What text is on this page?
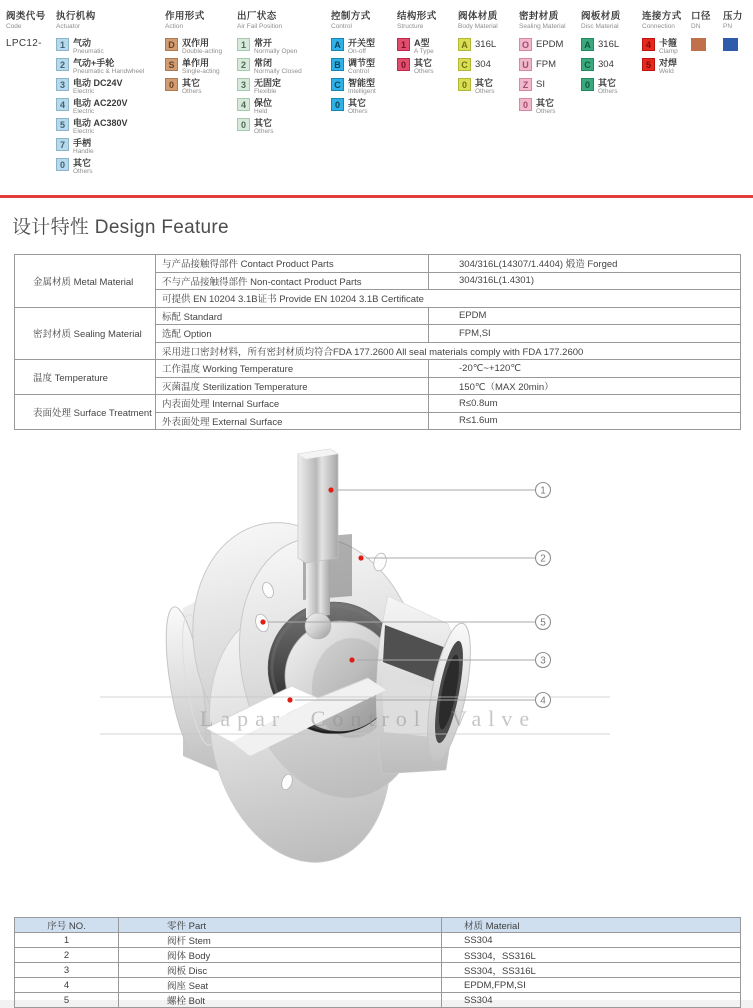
阀类代号
Code
LPC12-
执行机构
Actuator
1 气动
Pneumatic
2 气动+手轮
Pneumatic & Handwheel
3 电动 DC24V
Electric
4 电动 AC220V
Electric
5 电动 AC380V
Electric
7 手柄
Handle
0 其它
Others
作用形式
Action
D 双作用
Double-acting
S 单作用
Single-acting
0 其它
Others
出厂状态
Air Fail Position
1 常开
Normally Open
2 常闭
Normally Closed
3 无固定
Flexible
4 保位
Held
0 其它
Others
控制方式
Control
A 开关型
On-off
B 调节型
Control
C 智能型
Intelligent
0 其它
Others
结构形式
Structure
1 A型
A Type
0 其它
Others
阀体材质
Body Material
A 316L
C 304
0 其它
Others
密封材质
Sealing Material
O EPDM
U FPM
Z SI
0 其它
Others
阀板材质
Disc Material
A 316L
C 304
0 其它
Others
连接方式
Connection
4 卡箍
Clamp
5 对焊
Weld
口径
DN
压力
PN
设计特性 Design Feature
金属材质 Metal Material	与产品接触得部件 Contact Product Parts	304/316L(14307/1.4404) 煅造 Forged
	不与产品接触得部件 Non-contact Product Parts	304/316L(1.4301)
	可提供 EN 10204 3.1B证书 Provide EN 10204 3.1B Certificate	
密封材质 Sealing Material	标配 Standard	EPDM
	选配 Option	FPM,SI
	采用进口密封材料，所有密封材质均符合FDA 177.2600 All seal materials comply with FDA 177.2600	
温度 Temperature	工作温度 Working Temperature	-20℃~+120℃
	灭菌温度 Sterilization Temperature	150℃（MAX 20min）
表面处理 Surface Treatment	内表面处理 Internal Surface	R≤0.8um
	外表面处理 External Surface	R≤1.6um
Lapar Control Valve
1
2
5
3
4
序号 NO.	零件 Part	材质 Material
1	阀杆 Stem	SS304
2	阀体 Body	SS304，SS316L
3	阀板 Disc	SS304，SS316L
4	阀座 Seat	EPDM,FPM,SI
5	螺栓 Bolt	SS304
